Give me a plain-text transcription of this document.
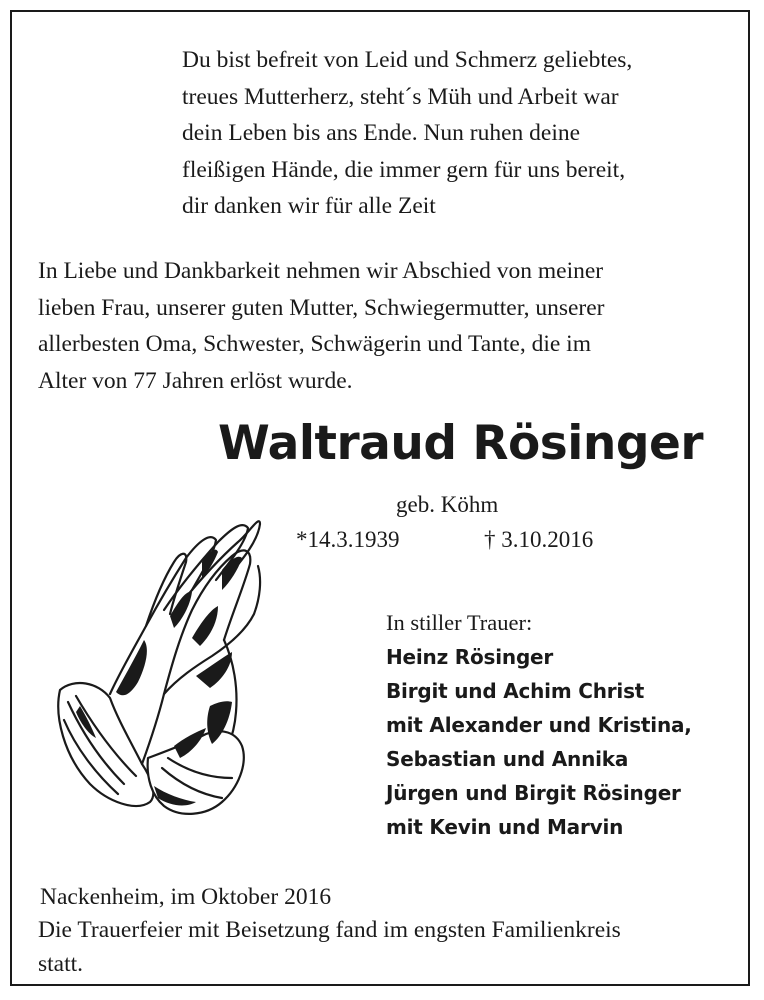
Du bist befreit von Leid und Schmerz geliebtes,
treues Mutterherz, steht´s Müh und Arbeit war
dein Leben bis ans Ende. Nun ruhen deine
fleißigen Hände, die immer gern für uns bereit,
dir danken wir für alle Zeit
In Liebe und Dankbarkeit nehmen wir Abschied von meiner
lieben Frau, unserer guten Mutter, Schwiegermutter, unserer
allerbesten Oma, Schwester, Schwägerin und Tante, die im
Alter von 77 Jahren erlöst wurde.
Waltraud Rösinger
geb. Köhm
*14.3.1939	† 3.10.2016
In stiller Trauer:
Heinz Rösinger
Birgit und Achim Christ
mit Alexander und Kristina,
Sebastian und Annika
Jürgen und Birgit Rösinger
mit Kevin und Marvin
Nackenheim, im Oktober 2016
Die Trauerfeier mit Beisetzung fand im engsten Familienkreis
statt.
